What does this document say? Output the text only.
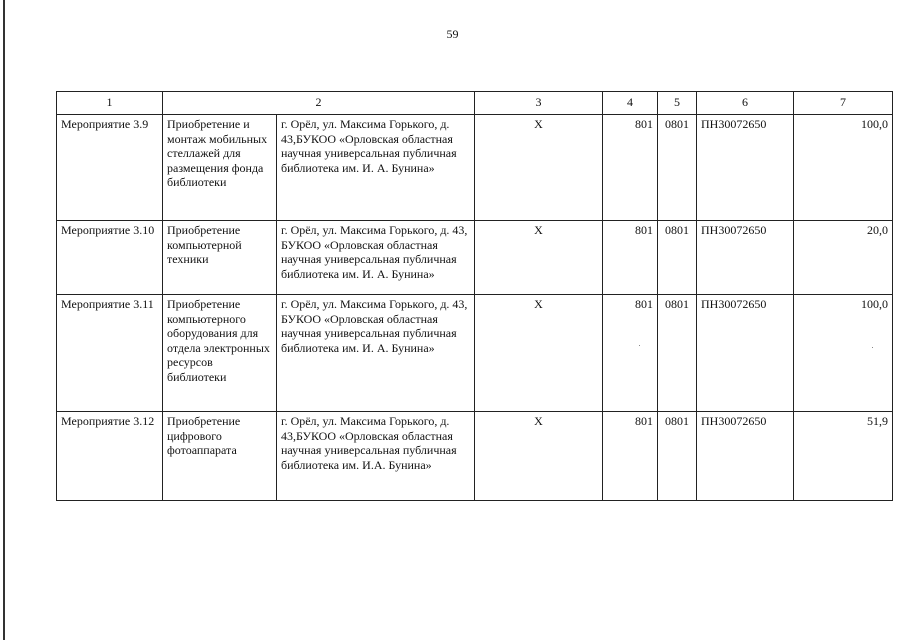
59
1	2		3	4	5	6	7
Мероприятие 3.9	Приобретение и монтаж мобильных стеллажей для размещения фонда библиотеки	г. Орёл, ул. Максима Горького, д. 43,БУКОО «Орловская областная научная универсальная публичная библиотека им. И. А. Бунина»	X	801	0801	ПН30072650	100,0
Мероприятие 3.10	Приобретение компьютерной техники	г. Орёл, ул. Максима Горького, д. 43, БУКОО «Орловская областная научная универсальная публичная библиотека им. И. А. Бунина»	X	801	0801	ПН30072650	20,0
Мероприятие 3.11	Приобретение компьютерного оборудования для отдела электронных ресурсов библиотеки	г. Орёл, ул. Максима Горького, д. 43, БУКОО «Орловская областная научная универсальная публичная библиотека им. И. А. Бунина»	X	801	0801	ПН30072650	100,0
Мероприятие 3.12	Приобретение цифрового фотоаппарата	г. Орёл, ул. Максима Горького, д. 43,БУКОО «Орловская областная научная универсальная публичная библиотека им. И.А. Бунина»	X	801	0801	ПН30072650	51,9
